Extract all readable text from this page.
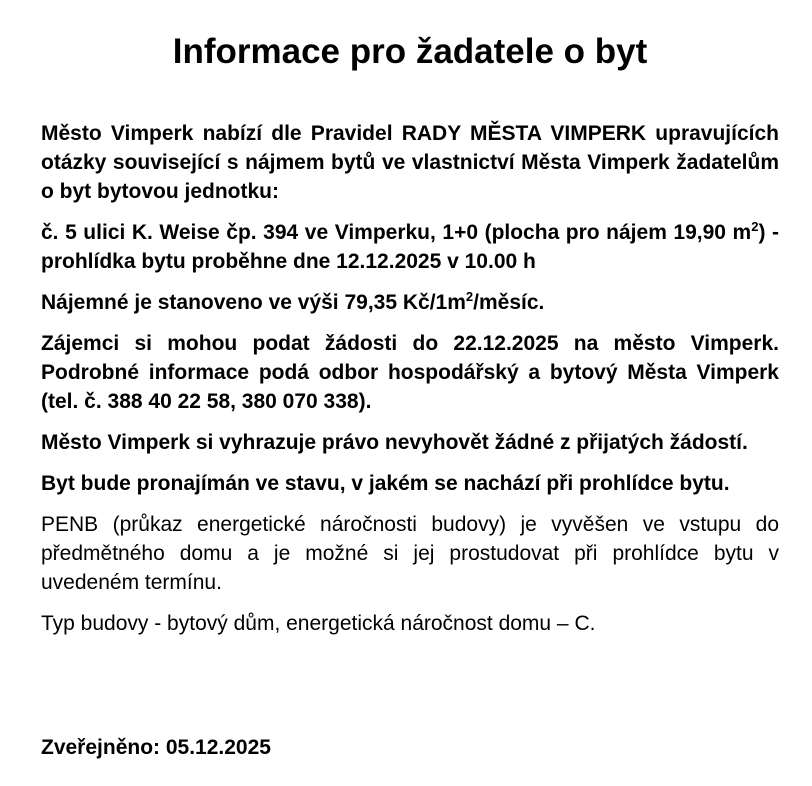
Informace pro žadatele o byt

Město Vimperk nabízí dle Pravidel RADY MĚSTA VIMPERK upravujících otázky související s nájmem bytů ve vlastnictví Města Vimperk žadatelům o byt bytovou jednotku:

č. 5 ulici K. Weise čp. 394 ve Vimperku, 1+0 (plocha pro nájem 19,90 $m^2$) - prohlídka bytu proběhne dne 12.12.2025 v 10.00 h

Nájemné je stanoveno ve výši 79,35 $Kč/1m^2$/měsíc.

Zájemci si mohou podat žádosti do 22.12.2025 na město Vimperk. Podrobné informace podá odbor hospodářský a bytový Města Vimperk (tel. č. 388 40 22 58, 380 070 338).

Město Vimperk si vyhrazuje právo nevyhovět žádné z přijatých žádostí.

Byt bude pronajímán ve stavu, v jakém se nachází při prohlídce bytu.

PENB (průkaz energetické náročnosti budovy) je vyvěšen ve vstupu do předmětného domu a je možné si jej prostudovat při prohlídce bytu v uvedeném termínu.

Typ budovy - bytový dům, energetická náročnost domu – C.

Zveřejněno: 05.12.2025
